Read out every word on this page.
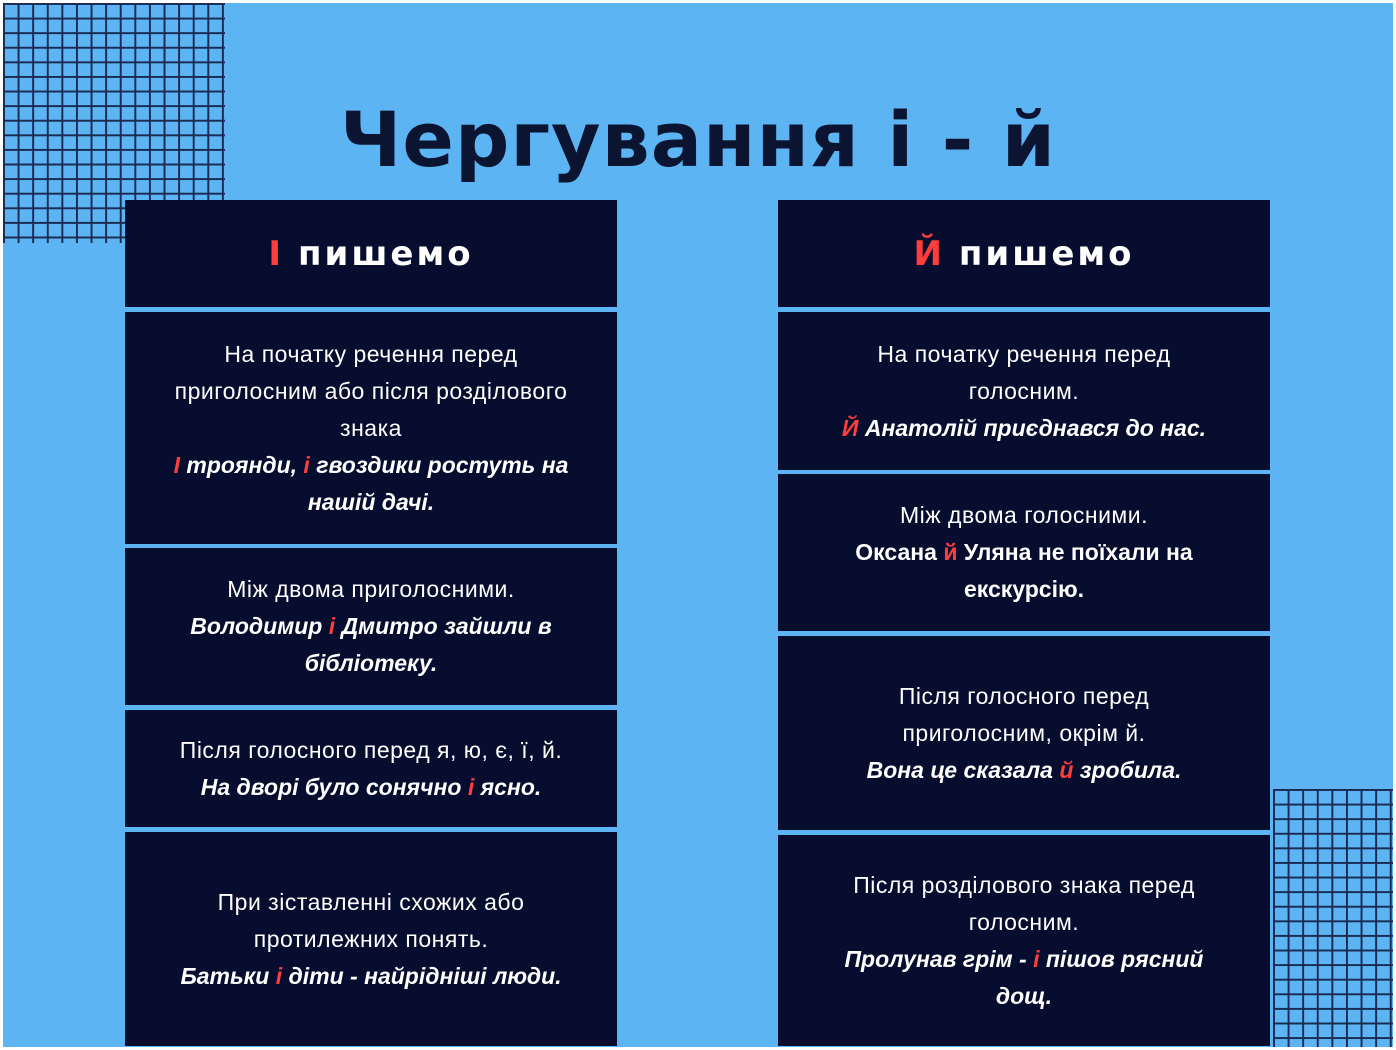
Чергування і - й
І пишемо
На початку речення перед
приголосним або після розділового
знака
І троянди, і гвоздики ростуть на
нашій дачі.
Між двома приголосними.
Володимир і Дмитро зайшли в
бібліотеку.
Після голосного перед я, ю, є, ї, й.
На дворі було сонячно і ясно.
При зіставленні схожих або
протилежних понять.
Батьки і діти - найрідніші люди.
Й пишемо
На початку речення перед
голосним.
Й Анатолій приєднався до нас.
Між двома голосними.
Оксана й Уляна не поїхали на
екскурсію.
Після голосного перед
приголосним, окрім й.
Вона це сказала й зробила.
Після розділового знака перед
голосним.
Пролунав грім - і пішов рясний
дощ.
